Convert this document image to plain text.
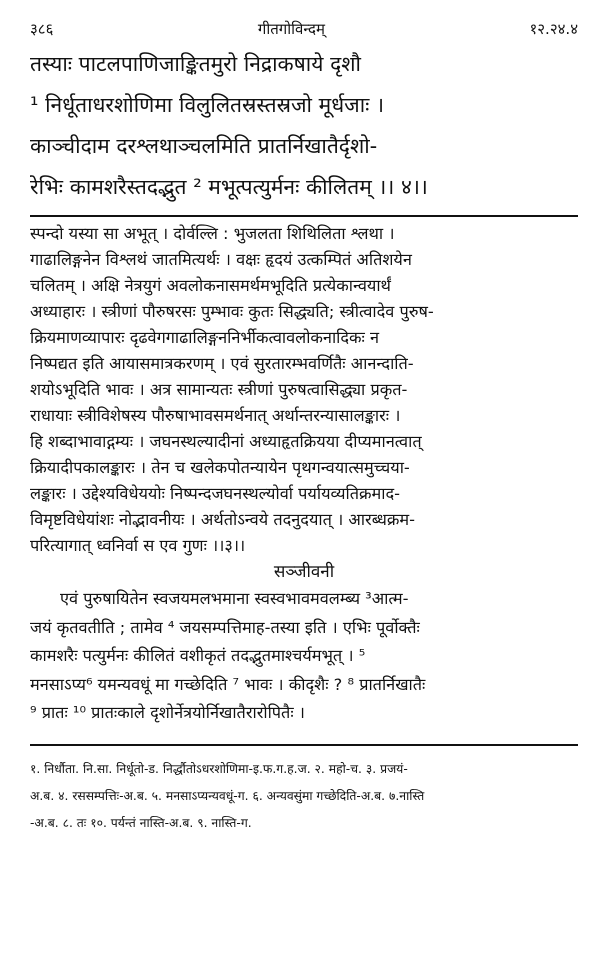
३८६	गीतगोविन्दम्	१२.२४.४
तस्याः पाटलपाणिजाङ्कितमुरो निद्राकषाये दृशौ
¹ निर्धूताधरशोणिमा विलुलितस्रस्तस्रजो मूर्धजाः ।
काञ्चीदाम दरश्लथाञ्चलमिति प्रातर्निखातैर्दृशो-
रेभिः कामशरैस्तदद्भुत ² मभूत्पत्युर्मनः कीलितम् ।। ४।।
स्पन्दो यस्या सा अभूत् । दोर्वल्लि : भुजलता शिथिलिता श्लथा ।
गाढालिङ्गनेन विश्लथं जातमित्यर्थः । वक्षः हृदयं उत्कम्पितं अतिशयेन
चलितम् । अक्षि नेत्रयुगं अवलोकनासमर्थमभूदिति प्रत्येकान्वयार्थं
अध्याहारः । स्त्रीणां पौरुषरसः पुम्भावः कुतः सिद्ध्यति; स्त्रीत्वादेव पुरुष-
क्रियमाणव्यापारः दृढवेगगाढालिङ्गननिर्भीकत्वावलोकनादिकः न
निष्पद्यत इति आयासमात्रकरणम् । एवं सुरतारम्भवर्णितैः आनन्दाति-
शयोऽभूदिति भावः । अत्र सामान्यतः स्त्रीणां पुरुषत्वासिद्ध्या प्रकृत-
राधायाः स्त्रीविशेषस्य पौरुषाभावसमर्थनात् अर्थान्तरन्यासालङ्कारः ।
हि शब्दाभावाद्गम्यः । जघनस्थल्यादीनां अध्याहृतक्रियया दीप्यमानत्वात्
क्रियादीपकालङ्कारः । तेन च खलेकपोतन्यायेन पृथगन्वयात्समुच्चया-
लङ्कारः । उद्देश्यविधेययोः निष्पन्दजघनस्थल्योर्वा पर्यायव्यतिक्रमाद-
विमृष्टविधेयांशः नोद्भावनीयः । अर्थतोऽन्वये तदनुदयात् । आरब्धक्रम-
परित्यागात् ध्वनिर्वा स एव गुणः ।।३।।
सञ्जीवनी
एवं पुरुषायितेन स्वजयमलभमाना स्वस्वभावमवलम्ब्य ³आत्म-
जयं कृतवतीति ; तामेव ⁴ जयसम्पत्तिमाह-तस्या इति । एभिः पूर्वोक्तैः
कामशरैः पत्युर्मनः कीलितं वशीकृतं तदद्भुतमाश्चर्यमभूत् । ⁵
मनसाऽप्य⁶ यमन्यवधूं मा गच्छेदिति ⁷ भावः । कीदृशैः ? ⁸ प्रातर्निखातैः
⁹ प्रातः ¹⁰ प्रातःकाले दृशोर्नेत्रयोर्निखातैरारोपितैः ।
१. निर्धौता. नि.सा. निर्धूतो-ड. निर्द्धौतोऽधरशोणिमा-इ.फ.ग.ह.ज. २. महो-च. ३. प्रजयं-
अ.ब. ४. रससम्पत्तिः-अ.ब. ५. मनसाऽप्यन्यवधूं-ग. ६. अन्यवसुंमा गच्छेदिति-अ.ब. ७.नास्ति
-अ.ब. ८. तः १०. पर्यन्तं नास्ति-अ.ब. ९. नास्ति-ग.
